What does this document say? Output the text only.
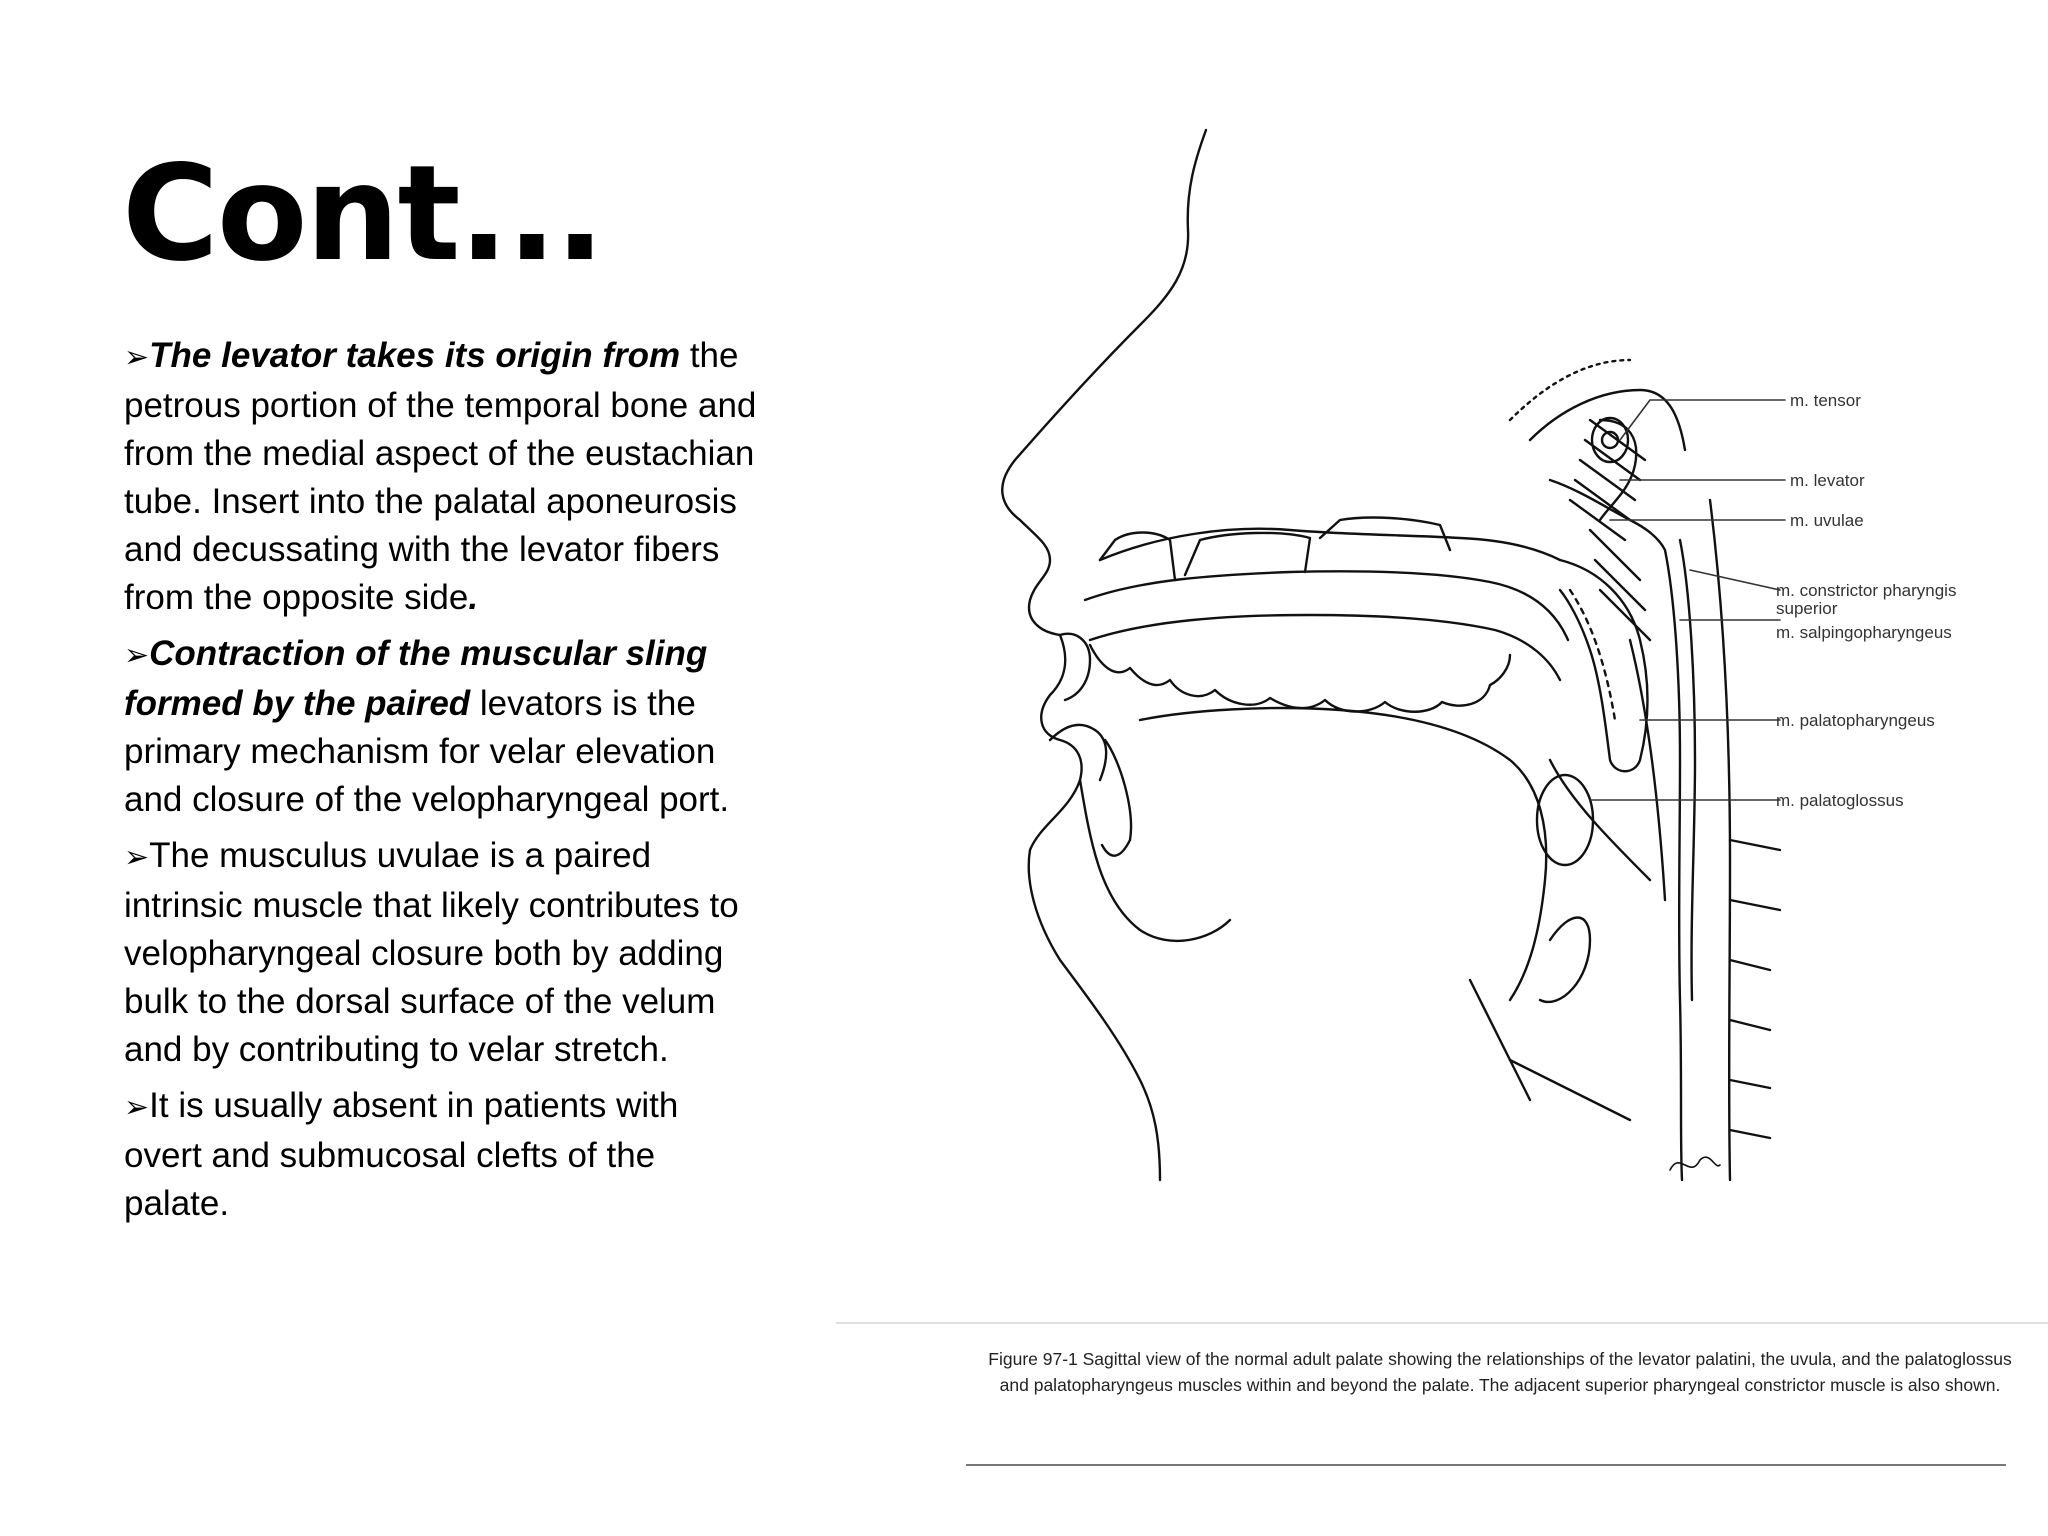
Cont...
➢The levator takes its origin from the petrous portion of the temporal bone and from the medial aspect of the eustachian tube. Insert into the palatal aponeurosis and decussating with the levator fibers from the opposite side.
➢Contraction of the muscular sling formed by the paired levators is the primary mechanism for velar elevation and closure of the velopharyngeal port.
➢The musculus uvulae is a paired intrinsic muscle that likely contributes to velopharyngeal closure both by adding bulk to the dorsal surface of the velum and by contributing to velar stretch.
➢It is usually absent in patients with overt and submucosal clefts of the palate.
m. tensor
m. levator
m. uvulae
m. constrictor pharyngis
superior
m. salpingopharyngeus
m. palatopharyngeus
m. palatoglossus

Figure 97-1 Sagittal view of the normal adult palate showing the relationships of the levator palatini, the uvula, and the palatoglossus and palatopharyngeus muscles within and beyond the palate. The adjacent superior pharyngeal constrictor muscle is also shown.
